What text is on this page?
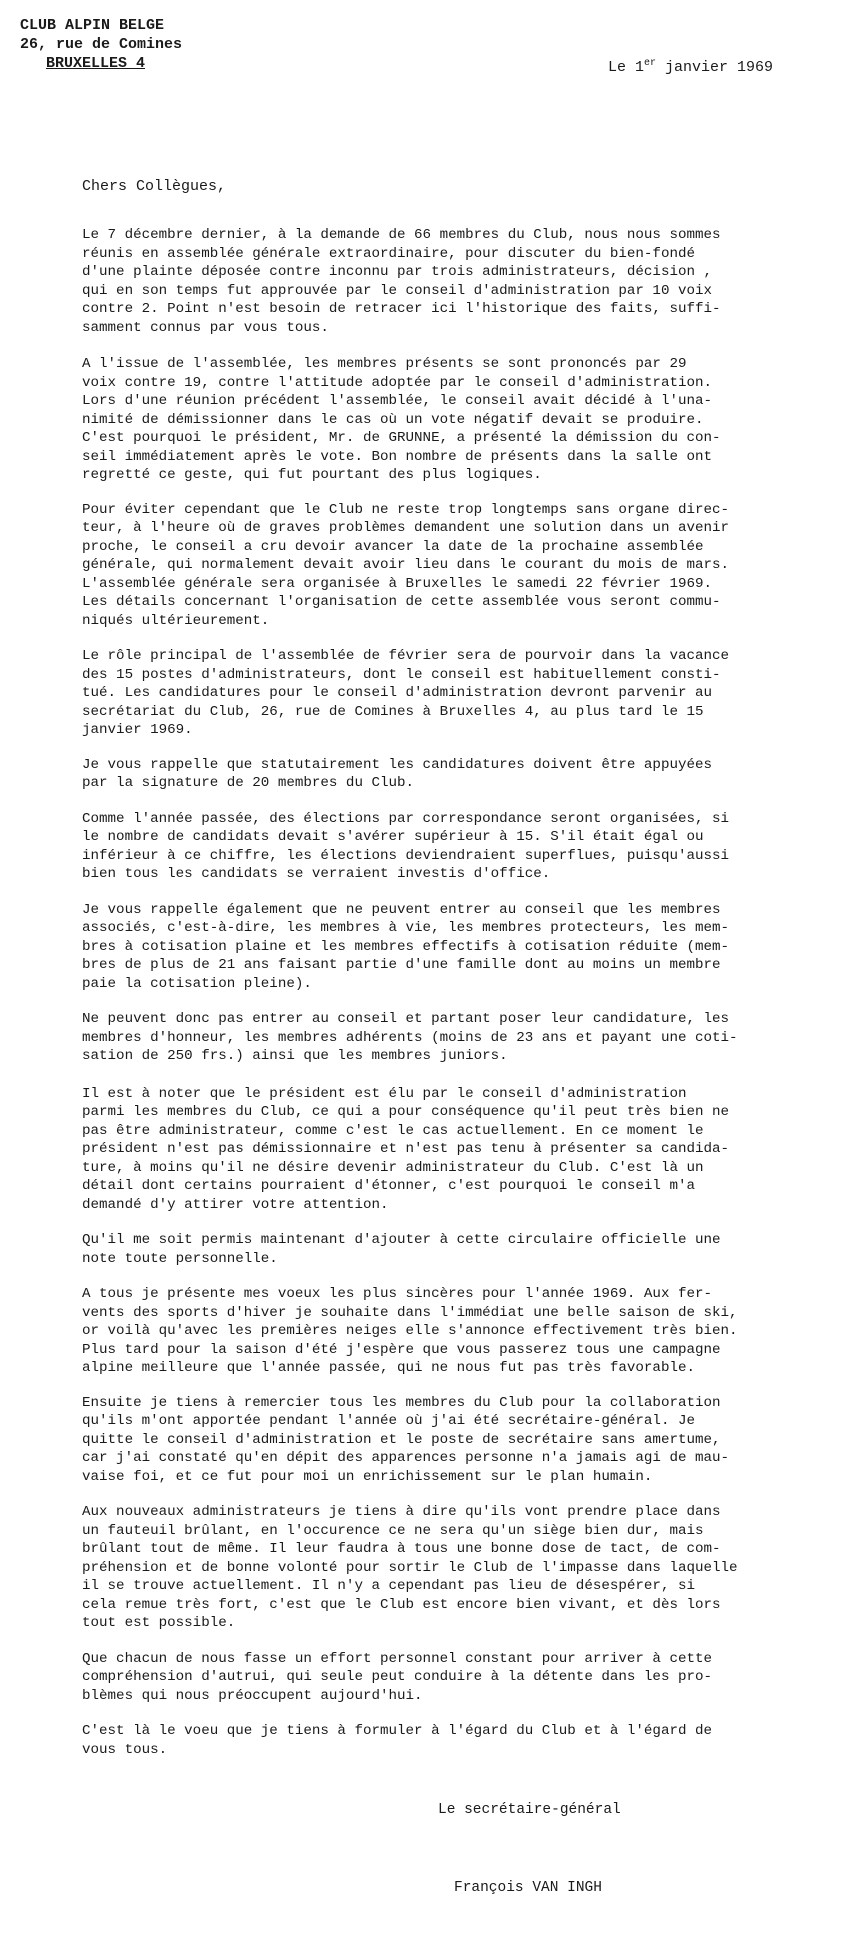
CLUB ALPIN BELGE
26, rue de Comines
BRUXELLES 4	Le 1er janvier 1969
Chers Collègues,

Le 7 décembre dernier, à la demande de 66 membres du Club, nous nous sommes
réunis en assemblée générale extraordinaire, pour discuter du bien-fondé
d'une plainte déposée contre inconnu par trois administrateurs, décision ,
qui en son temps fut approuvée par le conseil d'administration par 10 voix
contre 2. Point n'est besoin de retracer ici l'historique des faits, suffi-
samment connus par vous tous.

A l'issue de l'assemblée, les membres présents se sont prononcés par 29
voix contre 19, contre l'attitude adoptée par le conseil d'administration.
Lors d'une réunion précédent l'assemblée, le conseil avait décidé à l'una-
nimité de démissionner dans le cas où un vote négatif devait se produire.
C'est pourquoi le président, Mr. de GRUNNE, a présenté la démission du con-
seil immédiatement après le vote. Bon nombre de présents dans la salle ont
regretté ce geste, qui fut pourtant des plus logiques.

Pour éviter cependant que le Club ne reste trop longtemps sans organe direc-
teur, à l'heure où de graves problèmes demandent une solution dans un avenir
proche, le conseil a cru devoir avancer la date de la prochaine assemblée
générale, qui normalement devait avoir lieu dans le courant du mois de mars.
L'assemblée générale sera organisée à Bruxelles le samedi 22 février 1969.
Les détails concernant l'organisation de cette assemblée vous seront commu-
niqués ultérieurement.

Le rôle principal de l'assemblée de février sera de pourvoir dans la vacance
des 15 postes d'administrateurs, dont le conseil est habituellement consti-
tué. Les candidatures pour le conseil d'administration devront parvenir au
secrétariat du Club, 26, rue de Comines à Bruxelles 4, au plus tard le 15
janvier 1969.

Je vous rappelle que statutairement les candidatures doivent être appuyées
par la signature de 20 membres du Club.

Comme l'année passée, des élections par correspondance seront organisées, si
le nombre de candidats devait s'avérer supérieur à 15. S'il était égal ou
inférieur à ce chiffre, les élections deviendraient superflues, puisqu'aussi
bien tous les candidats se verraient investis d'office.

Je vous rappelle également que ne peuvent entrer au conseil que les membres
associés, c'est-à-dire, les membres à vie, les membres protecteurs, les mem-
bres à cotisation plaine et les membres effectifs à cotisation réduite (mem-
bres de plus de 21 ans faisant partie d'une famille dont au moins un membre
paie la cotisation pleine).

Ne peuvent donc pas entrer au conseil et partant poser leur candidature, les
membres d'honneur, les membres adhérents (moins de 23 ans et payant une coti-
sation de 250 frs.) ainsi que les membres juniors.

Il est à noter que le président est élu par le conseil d'administration
parmi les membres du Club, ce qui a pour conséquence qu'il peut très bien ne
pas être administrateur, comme c'est le cas actuellement. En ce moment le
président n'est pas démissionnaire et n'est pas tenu à présenter sa candida-
ture, à moins qu'il ne désire devenir administrateur du Club. C'est là un
détail dont certains pourraient d'étonner, c'est pourquoi le conseil m'a
demandé d'y attirer votre attention.

Qu'il me soit permis maintenant d'ajouter à cette circulaire officielle une
note toute personnelle.

A tous je présente mes voeux les plus sincères pour l'année 1969. Aux fer-
vents des sports d'hiver je souhaite dans l'immédiat une belle saison de ski,
or voilà qu'avec les premières neiges elle s'annonce effectivement très bien.
Plus tard pour la saison d'été j'espère que vous passerez tous une campagne
alpine meilleure que l'année passée, qui ne nous fut pas très favorable.

Ensuite je tiens à remercier tous les membres du Club pour la collaboration
qu'ils m'ont apportée pendant l'année où j'ai été secrétaire-général. Je
quitte le conseil d'administration et le poste de secrétaire sans amertume,
car j'ai constaté qu'en dépit des apparences personne n'a jamais agi de mau-
vaise foi, et ce fut pour moi un enrichissement sur le plan humain.

Aux nouveaux administrateurs je tiens à dire qu'ils vont prendre place dans
un fauteuil brûlant, en l'occurence ce ne sera qu'un siège bien dur, mais
brûlant tout de même. Il leur faudra à tous une bonne dose de tact, de com-
préhension et de bonne volonté pour sortir le Club de l'impasse dans laquelle
il se trouve actuellement. Il n'y a cependant pas lieu de désespérer, si
cela remue très fort, c'est que le Club est encore bien vivant, et dès lors
tout est possible.

Que chacun de nous fasse un effort personnel constant pour arriver à cette
compréhension d'autrui, qui seule peut conduire à la détente dans les pro-
blèmes qui nous préoccupent aujourd'hui.

C'est là le voeu que je tiens à formuler à l'égard du Club et à l'égard de
vous tous.

Le secrétaire-général

François VAN INGH
